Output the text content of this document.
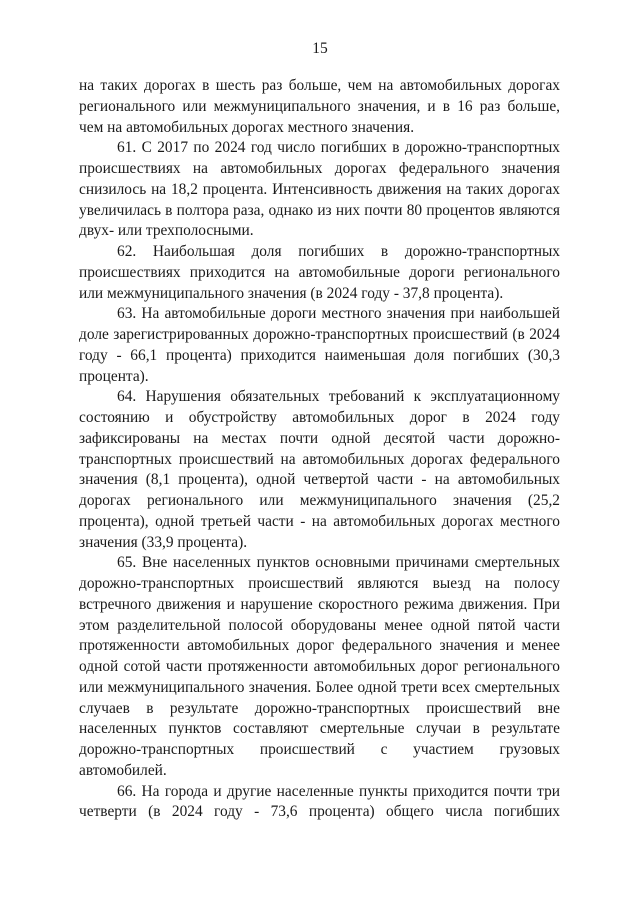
15

на таких дорогах в шесть раз больше, чем на автомобильных дорогах регионального или межмуниципального значения, и в 16 раз больше, чем на автомобильных дорогах местного значения.

61. С 2017 по 2024 год число погибших в дорожно-транспортных происшествиях на автомобильных дорогах федерального значения снизилось на 18,2 процента. Интенсивность движения на таких дорогах увеличилась в полтора раза, однако из них почти 80 процентов являются двух- или трехполосными.

62. Наибольшая доля погибших в дорожно-транспортных происшествиях приходится на автомобильные дороги регионального или межмуниципального значения (в 2024 году - 37,8 процента).

63. На автомобильные дороги местного значения при наибольшей доле зарегистрированных дорожно-транспортных происшествий (в 2024 году - 66,1 процента) приходится наименьшая доля погибших (30,3 процента).

64. Нарушения обязательных требований к эксплуатационному состоянию и обустройству автомобильных дорог в 2024 году зафиксированы на местах почти одной десятой части дорожно-транспортных происшествий на автомобильных дорогах федерального значения (8,1 процента), одной четвертой части - на автомобильных дорогах регионального или межмуниципального значения (25,2 процента), одной третьей части - на автомобильных дорогах местного значения (33,9 процента).

65. Вне населенных пунктов основными причинами смертельных дорожно-транспортных происшествий являются выезд на полосу встречного движения и нарушение скоростного режима движения. При этом разделительной полосой оборудованы менее одной пятой части протяженности автомобильных дорог федерального значения и менее одной сотой части протяженности автомобильных дорог регионального или межмуниципального значения. Более одной трети всех смертельных случаев в результате дорожно-транспортных происшествий вне населенных пунктов составляют смертельные случаи в результате дорожно-транспортных происшествий с участием грузовых автомобилей.

66. На города и другие населенные пункты приходится почти три четверти (в 2024 году - 73,6 процента) общего числа погибших
